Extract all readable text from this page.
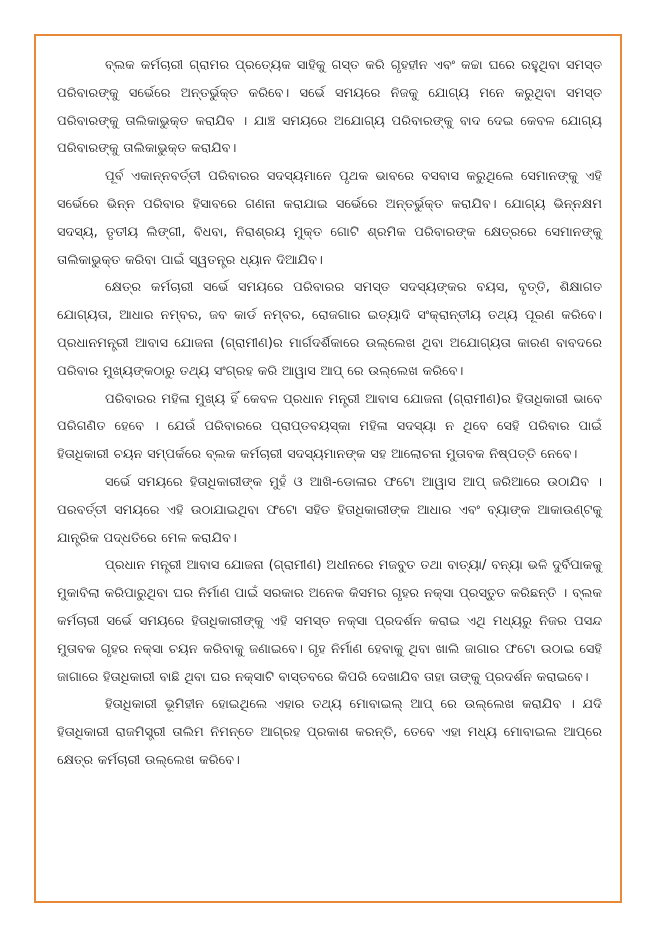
ବ୍ଲକ କର୍ମଚାରୀ ଗ୍ରାମର ପ୍ରତ୍ୟେକ ସାହିକୁ ଗସ୍ତ କରି ଗୃହହୀନ ଏବଂ କଚ୍ଚା ଘରେ ରହୁଥିବା ସମସ୍ତ ପରିବାରଙ୍କୁ ସର୍ଭେରେ ଅନ୍ତର୍ଭୁକ୍ତ କରିବେ। ସର୍ଭେ ସମୟରେ ନିଜକୁ ଯୋଗ୍ୟ ମନେ କରୁଥିବା ସମସ୍ତ ପରିବାରଙ୍କୁ ତାଲିକାଭୁକ୍ତ କରାଯିବ । ଯାଞ୍ଚ ସମୟରେ ଅଯୋଗ୍ୟ ପରିବାରଙ୍କୁ ବାଦ ଦେଇ କେବଳ ଯୋଗ୍ୟ ପରିବାରଙ୍କୁ ତାଲିକାଭୁକ୍ତ କରାଯିବ।

ପୂର୍ବ ଏକାନ୍ନବର୍ତ୍ତୀ ପରିବାରର ସଦସ୍ୟମାନେ ପୃଥକ ଭାବରେ ବସବାସ କରୁଥିଲେ ସେମାନଙ୍କୁ ଏହି ସର୍ଭେରେ ଭିନ୍ନ ପରିବାର ହିସାବରେ ଗଣନା କରାଯାଇ ସର୍ଭେରେ ଅନ୍ତର୍ଭୁକ୍ତ କରାଯିବ। ଯୋଗ୍ୟ ଭିନ୍ନକ୍ଷମ ସଦସ୍ୟ, ତୃତୀୟ ଲିଙ୍ଗୀ, ବିଧବା, ନିରାଶ୍ରୟ ମୁକ୍ତ ଗୋଟି ଶ୍ରମିକ ପରିବାରଙ୍କ କ୍ଷେତ୍ରରେ ସେମାନଙ୍କୁ ତାଲିକାଭୁକ୍ତ କରିବା ପାଇଁ ସ୍ୱତନ୍ତ୍ର ଧ୍ୟାନ ଦିଆଯିବ।

କ୍ଷେତ୍ର କର୍ମଚାରୀ ସର୍ଭେ ସମୟରେ ପରିବାରର ସମସ୍ତ ସଦସ୍ୟଙ୍କର ବୟସ, ବୃତ୍ତି, ଶିକ୍ଷାଗତ ଯୋଗ୍ୟତା, ଆଧାର ନମ୍ବର, ଜବ କାର୍ଡ ନମ୍ବର, ରୋଜଗାର ଇତ୍ୟାଦି ସଂକ୍ରାନ୍ତୀୟ ତଥ୍ୟ ପୂରଣ କରିବେ। ପ୍ରଧାନମନ୍ତ୍ରୀ ଆବାସ ଯୋଜନା (ଗ୍ରାମୀଣ)ର ମାର୍ଗଦର୍ଶିକାରେ ଉଲ୍ଲେଖ ଥିବା ଅଯୋଗ୍ୟତା କାରଣ ବାବଦରେ ପରିବାର ମୁଖ୍ୟଙ୍କଠାରୁ ତଥ୍ୟ ସଂଗ୍ରହ କରି ଆୱାସ ଆପ୍ ରେ ଉଲ୍ଲେଖ କରିବେ।

ପରିବାରର ମହିଳା ମୁଖ୍ୟ ହିଁ କେବଳ ପ୍ରଧାନ ମନ୍ତ୍ରୀ ଆବାସ ଯୋଜନା (ଗ୍ରାମୀଣ)ର ହିତାଧିକାରୀ ଭାବେ ପରିଗଣିତ ହେବେ । ଯେଉଁ ପରିବାରରେ ପ୍ରାପ୍ତବୟସ୍କା ମହିଳା ସଦସ୍ୟା ନ ଥିବେ ସେହି ପରିବାର ପାଇଁ ହିତାଧିକାରୀ ଚୟନ ସମ୍ପର୍କରେ ବ୍ଲକ କର୍ମଚାରୀ ସଦସ୍ୟମାନଙ୍କ ସହ ଆଲୋଚନା ମୁତାବକ ନିଷ୍ପତ୍ତି ନେବେ।

ସର୍ଭେ ସମୟରେ ହିତାଧିକାରୀଙ୍କ ମୁହଁ ଓ ଆଖି-ଡୋଳାର ଫଟୋ ଆୱାସ ଆପ୍ ଜରିଆରେ ଉଠାଯିବ । ପରବର୍ତ୍ତୀ ସମୟରେ ଏହି ଉଠାଯାଇଥିବା ଫଟୋ ସହିତ ହିତାଧିକାରୀଙ୍କ ଆଧାର ଏବଂ ବ୍ୟାଙ୍କ ଆକାଉଣ୍ଟକୁ ଯାନ୍ତ୍ରିକ ପଦ୍ଧତିରେ ମେଳ କରାଯିବ।

ପ୍ରଧାନ ମନ୍ତ୍ରୀ ଆବାସ ଯୋଜନା (ଗ୍ରାମୀଣ) ଅଧୀନରେ ମଜବୁତ ତଥା ବାତ୍ୟା/ ବନ୍ୟା ଭଳି ଦୁର୍ବିପାକକୁ ମୁକାବିଲା କରିପାରୁଥିବା ଘର ନିର୍ମାଣ ପାଇଁ ସରକାର ଅନେକ କିସମର ଗୃହର ନକ୍ସା ପ୍ରସ୍ତୁତ କରିଛନ୍ତି । ବ୍ଲକ କର୍ମଚାରୀ ସର୍ଭେ ସମୟରେ ହିତାଧିକାରୀଙ୍କୁ ଏହି ସମସ୍ତ ନକ୍ସା ପ୍ରଦର୍ଶନ କରାଇ ଏଥି ମଧ୍ୟରୁ ନିଜର ପସନ୍ଦ ମୁତାବକ ଗୃହର ନକ୍ସା ଚୟନ କରିବାକୁ ଜଣାଇବେ। ଗୃହ ନିର୍ମାଣ ହେବାକୁ ଥିବା ଖାଲି ଜାଗାର ଫଟୋ ଉଠାଇ ସେହି ଜାଗାରେ ହିତାଧିକାରୀ ବାଛି ଥିବା ଘର ନକ୍ସାଟି ବାସ୍ତବରେ କିପରି ଦେଖାଯିବ ତାହା ତାଙ୍କୁ ପ୍ରଦର୍ଶନ କରାଇବେ।

ହିତାଧିକାରୀ ଭୂମିହୀନ ହୋଇଥିଲେ ଏହାର ତଥ୍ୟ ମୋବାଇଲ୍ ଆପ୍ ରେ ଉଲ୍ଲେଖ କରାଯିବ । ଯଦି ହିତାଧିକାରୀ ରାଜମିସ୍ତ୍ରୀ ତାଲିମ ନିମନ୍ତେ ଆଗ୍ରହ ପ୍ରକାଶ କରନ୍ତି, ତେବେ ଏହା ମଧ୍ୟ ମୋବାଇଲ ଆପ୍‌ରେ କ୍ଷେତ୍ର କର୍ମଚାରୀ ଉଲ୍ଲେଖ କରିବେ।
